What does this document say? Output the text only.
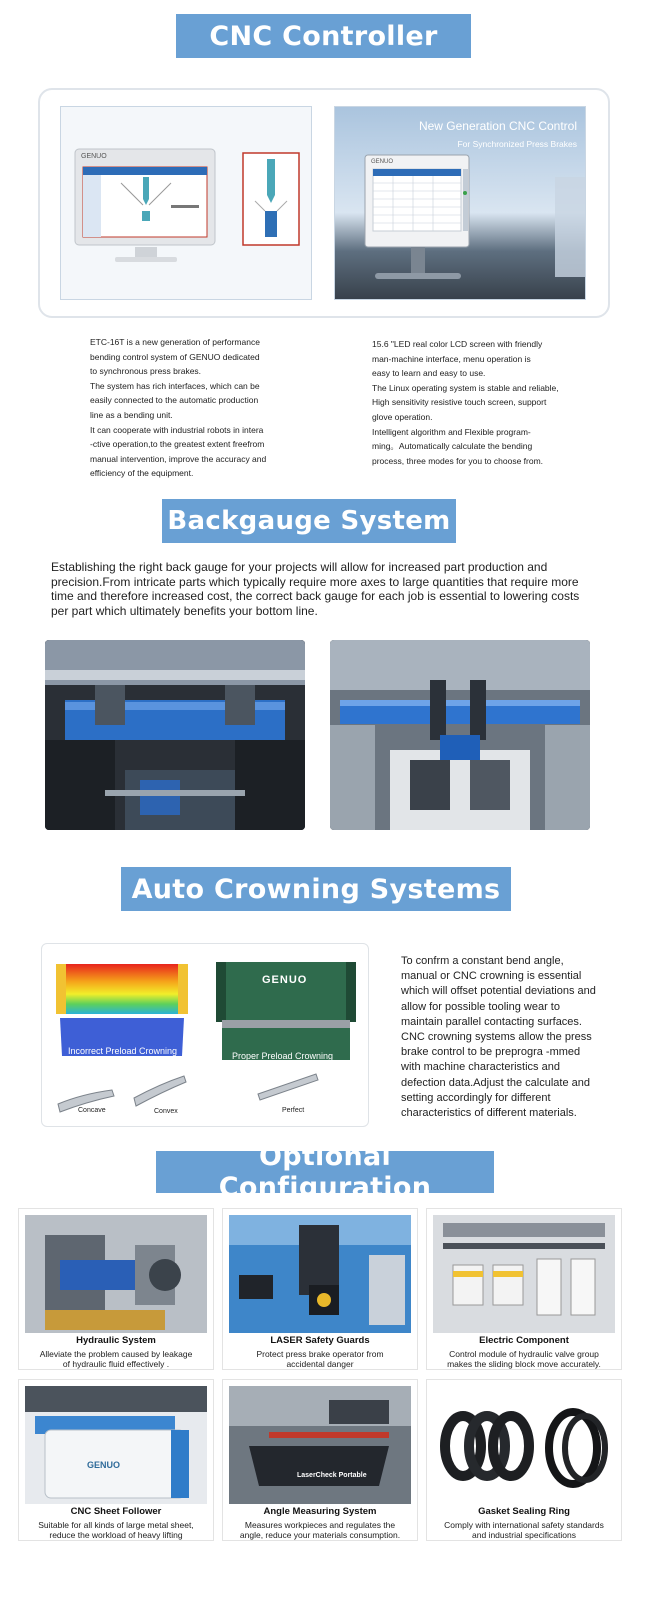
CNC Controller
GENUO
New Generation CNC Control
For Synchronized Press Brakes
GENUO
ETC-16T is a new generation of performance
bending control system of GENUO dedicated
to synchronous press brakes.
The system has rich interfaces, which can be
easily connected to the automatic production
line as a bending unit.
It can cooperate with industrial robots in intera
-ctive operation,to the greatest extent freefrom
manual intervention, improve the accuracy and
efficiency of the equipment.
15.6 "LED real color LCD screen with friendly
man-machine interface, menu operation is
easy to learn and easy to use.
The Linux operating system is stable and reliable,
High sensitivity resistive touch screen, support
glove operation.
Intelligent algorithm and Flexible program-
ming。Automatically calculate the bending
process, three modes for you to choose from.
Backgauge System
Establishing the right back gauge for your projects will allow for increased part production and precision.From intricate parts which typically require more axes to large quantities that require more time and therefore increased cost, the correct back gauge for each job is essential to lowering costs per part which ultimately benefits your bottom line.
Auto Crowning Systems
Incorrect Preload Crowning	Proper Preload Crowning
GENUO
Concave	Convex	Perfect
To confrm a constant bend angle, manual or CNC crowning is essential which will offset potential deviations and allow for possible tooling wear to maintain parallel contacting surfaces. CNC crowning systems allow the press brake control to be preprogra -mmed with machine characteristics and defection data.Adjust the calculate and setting accordingly for different characteristics of different materials.
Optional Configuration
Hydraulic System
Alleviate the problem caused by leakage
of hydraulic fluid effectively .
LASER Safety Guards
Protect press brake operator from
accidental danger
Electric Component
Control module of hydraulic valve group
makes the sliding block move accurately.
GENUO
CNC Sheet Follower
Suitable for all kinds of large metal sheet,
reduce the workload of heavy lifting
LaserCheck Portable
Angle Measuring System
Measures workpieces and regulates the
angle, reduce your materials consumption.
Gasket Sealing Ring
Comply with international safety standards
and industrial specifications
